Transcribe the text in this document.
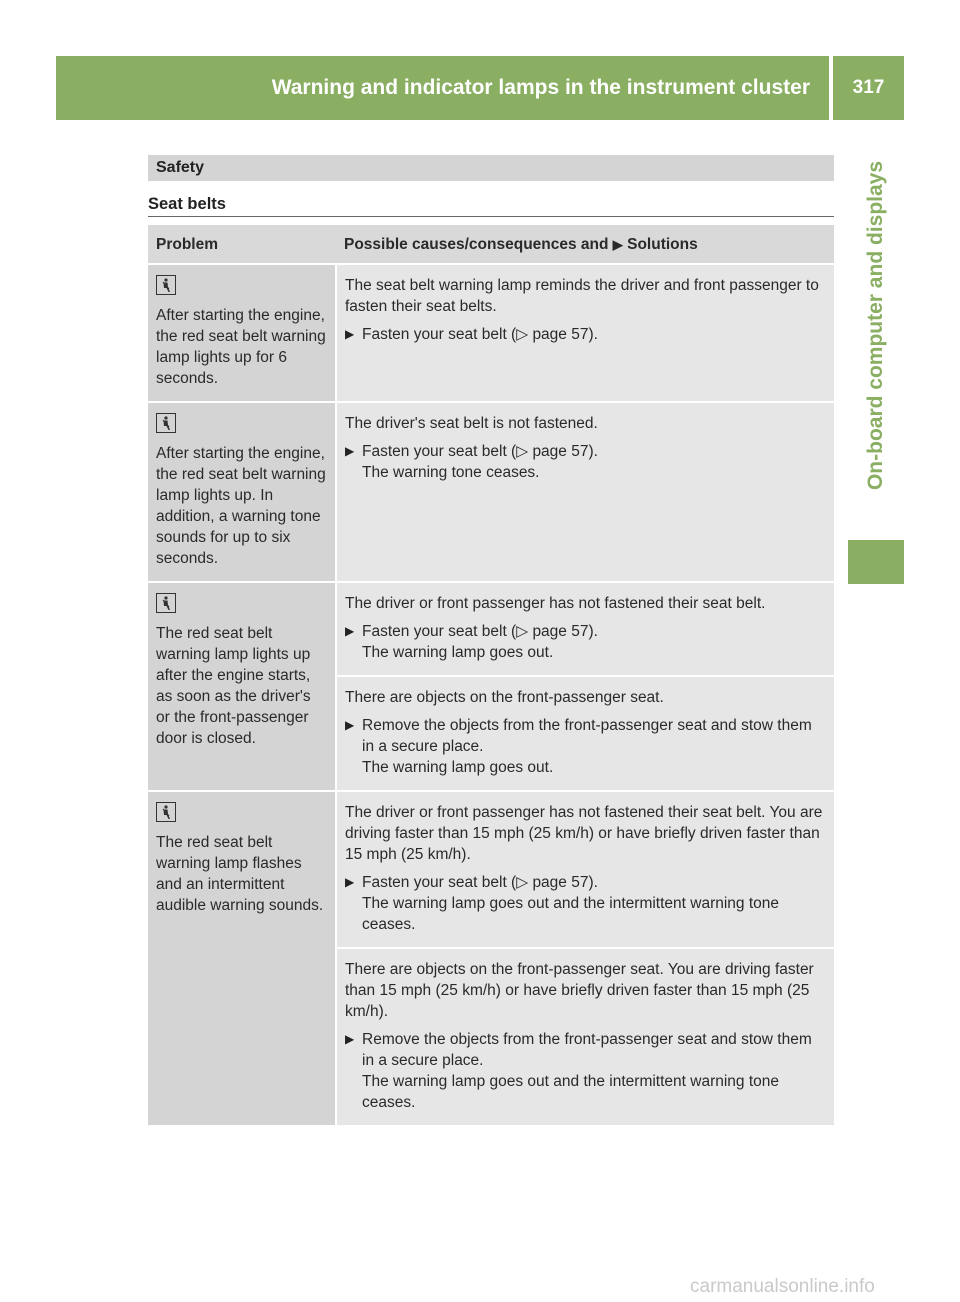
Warning and indicator lamps in the instrument cluster	317
On-board computer and displays
Safety
Seat belts
Problem	Possible causes/consequences and ▶ Solutions

After starting the engine, the red seat belt warning lamp lights up for 6 seconds.	The seat belt warning lamp reminds the driver and front passenger to fasten their seat belts.

▶ Fasten your seat belt (▷ page 57).

After starting the engine, the red seat belt warning lamp lights up. In addition, a warning tone sounds for up to six seconds.	The driver's seat belt is not fastened.

▶ Fasten your seat belt (▷ page 57).
The warning tone ceases.

The red seat belt warning lamp lights up after the engine starts, as soon as the driver's or the front-passenger door is closed.	The driver or front passenger has not fastened their seat belt.

▶ Fasten your seat belt (▷ page 57).
The warning lamp goes out.

	There are objects on the front-passenger seat.

▶ Remove the objects from the front-passenger seat and stow them in a secure place.
The warning lamp goes out.

The red seat belt warning lamp flashes and an intermittent audible warning sounds.	The driver or front passenger has not fastened their seat belt. You are driving faster than 15 mph (25 km/h) or have briefly driven faster than 15 mph (25 km/h).

▶ Fasten your seat belt (▷ page 57).
The warning lamp goes out and the intermittent warning tone ceases.

	There are objects on the front-passenger seat. You are driving faster than 15 mph (25 km/h) or have briefly driven faster than 15 mph (25 km/h).

▶ Remove the objects from the front-passenger seat and stow them in a secure place.
The warning lamp goes out and the intermittent warning tone ceases.
carmanualsonline.info
